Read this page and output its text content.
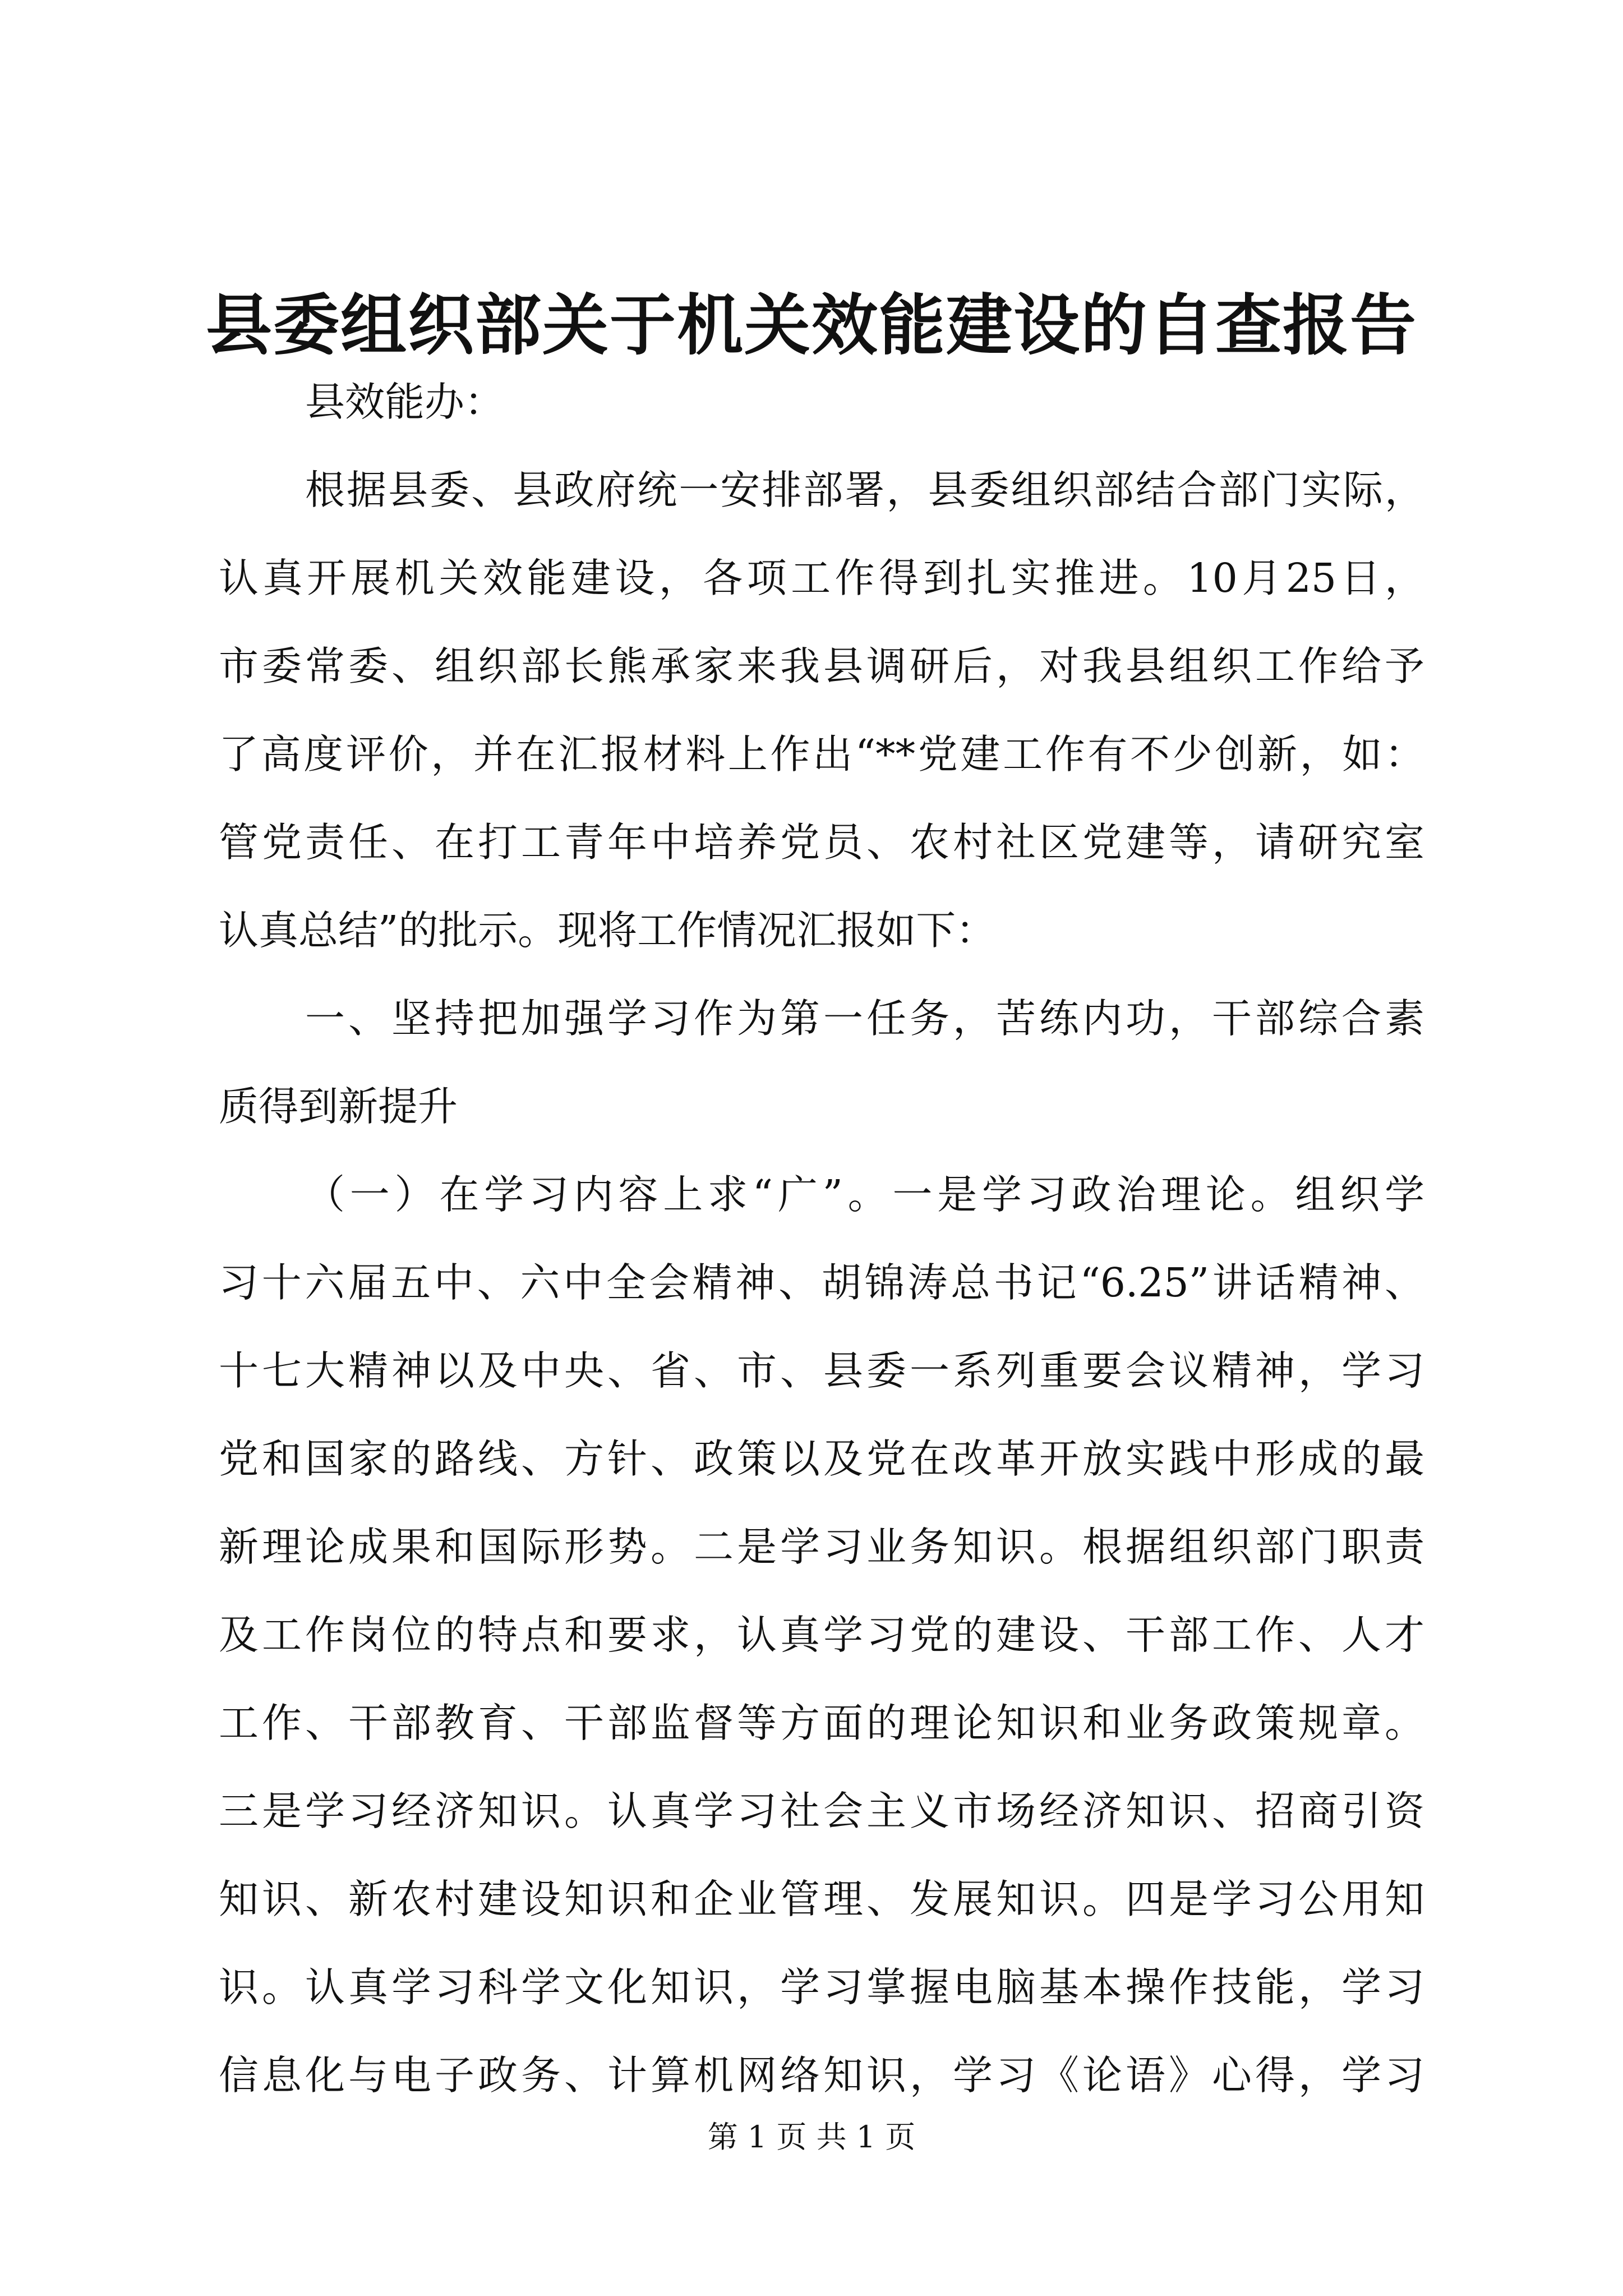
县委组织部关于机关效能建设的自查报告
县效能办：
根据县委、县政府统一安排部署，县委组织部结合部门实际，
认真开展机关效能建设，各项工作得到扎实推进。10月25日，
市委常委、组织部长熊承家来我县调研后，对我县组织工作给予
了高度评价，并在汇报材料上作出“**党建工作有不少创新，如：
管党责任、在打工青年中培养党员、农村社区党建等，请研究室
认真总结”的批示。现将工作情况汇报如下：
一、坚持把加强学习作为第一任务，苦练内功，干部综合素
质得到新提升
（一）在学习内容上求“广”。一是学习政治理论。组织学
习十六届五中、六中全会精神、胡锦涛总书记“6.25”讲话精神、
十七大精神以及中央、省、市、县委一系列重要会议精神，学习
党和国家的路线、方针、政策以及党在改革开放实践中形成的最
新理论成果和国际形势。二是学习业务知识。根据组织部门职责
及工作岗位的特点和要求，认真学习党的建设、干部工作、人才
工作、干部教育、干部监督等方面的理论知识和业务政策规章。
三是学习经济知识。认真学习社会主义市场经济知识、招商引资
知识、新农村建设知识和企业管理、发展知识。四是学习公用知
识。认真学习科学文化知识，学习掌握电脑基本操作技能，学习
信息化与电子政务、计算机网络知识，学习《论语》心得，学习
第 1 页 共 1 页
